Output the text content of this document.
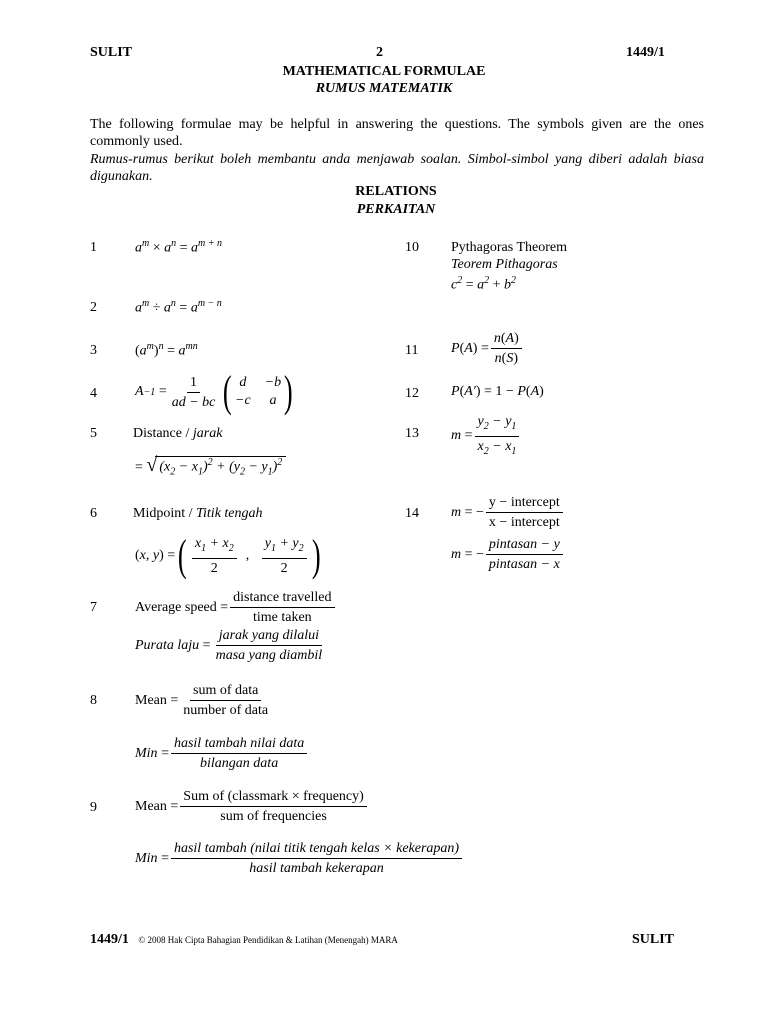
SULIT	2	1449/1
MATHEMATICAL FORMULAE
RUMUS MATEMATIK
The following formulae may be helpful in answering the questions. The symbols given are the ones commonly used.
Rumus-rumus berikut boleh membantu anda menjawab soalan. Simbol-simbol yang diberi adalah biasa digunakan.
RELATIONS
PERKAITAN
1	$a^m \times a^n = a^{m + n}$
2	$a^m \div a^n = a^{m - n}$
3	$(a^m)^n = a^{mn}$
4	A −1
= $\frac{1}{ad - bc}$ ( d	−b
−c	a )
5	Distance / jarak
= √ $(x_2 - x_1)^2 + (y_2 - y_1)^2$
6	Midpoint / Titik tengah
( x, y )
= ( $\frac{x_1 + x_2}{2}$
,
$\frac{y_1 + y_2}{2}$ )
7	Average speed = $\frac{\text{distance travelled}}{\text{time taken}}$
Purata laju
= $\frac{\text{jarak yang dilalui}}{\text{masa yang diambil}}$
8	Mean = $\frac{\text{sum of data}}{\text{number of data}}$
Min
= $\frac{\text{hasil tambah nilai data}}{\text{bilangan data}}$
9	Mean = $\frac{\text{Sum of (classmark × frequency)}}{\text{sum of frequencies}}$
Min
= $\frac{\text{hasil tambah (nilai titik tengah kelas × kekerapan)}}{\text{hasil tambah kekerapan}}$
10 Pythagoras Theorem
Teorem Pithagoras
$c^2 = a^2 + b^2$
11 P ( A )
= $\frac{n(A)}{n(S)}$
12 P(A′) = 1 − P(A)
13 $m = \frac{y_2 - y_1}{x_2 - x_1}$
14 m = − $\frac{\text{y − intercept}}{\text{x − intercept}}$
m = − $\frac{\text{pintasan − y}}{\text{pintasan − x}}$
1449/1 © 2008 Hak Cipta Bahagian Pendidikan & Latihan (Menengah) MARA	SULIT
